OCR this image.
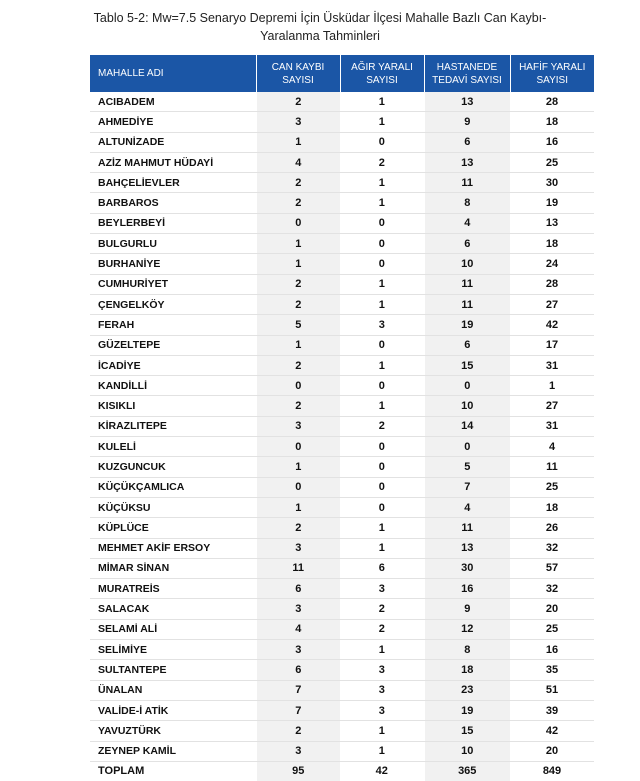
Tablo 5-2: Mw=7.5 Senaryo Depremi İçin Üsküdar İlçesi Mahalle Bazlı Can Kaybı-
Yaralanma Tahminleri
MAHALLE ADI	CAN KAYBI SAYISI	AĞIR YARALI SAYISI	HASTANEDE TEDAVİ SAYISI	HAFİF YARALI SAYISI
ACIBADEM	2	1	13	28
AHMEDİYE	3	1	9	18
ALTUNİZADE	1	0	6	16
AZİZ MAHMUT HÜDAYİ	4	2	13	25
BAHÇELİEVLER	2	1	11	30
BARBAROS	2	1	8	19
BEYLERBEYİ	0	0	4	13
BULGURLU	1	0	6	18
BURHANİYE	1	0	10	24
CUMHURİYET	2	1	11	28
ÇENGELKÖY	2	1	11	27
FERAH	5	3	19	42
GÜZELTEPE	1	0	6	17
İCADİYE	2	1	15	31
KANDİLLİ	0	0	0	1
KISIKLI	2	1	10	27
KİRAZLITEPE	3	2	14	31
KULELİ	0	0	0	4
KUZGUNCUK	1	0	5	11
KÜÇÜKÇAMLICA	0	0	7	25
KÜÇÜKSU	1	0	4	18
KÜPLÜCE	2	1	11	26
MEHMET AKİF ERSOY	3	1	13	32
MİMAR SİNAN	11	6	30	57
MURATREİS	6	3	16	32
SALACAK	3	2	9	20
SELAMİ ALİ	4	2	12	25
SELİMİYE	3	1	8	16
SULTANTEPE	6	3	18	35
ÜNALAN	7	3	23	51
VALİDE-İ ATİK	7	3	19	39
YAVUZTÜRK	2	1	15	42
ZEYNEP KAMİL	3	1	10	20
TOPLAM	95	42	365	849
